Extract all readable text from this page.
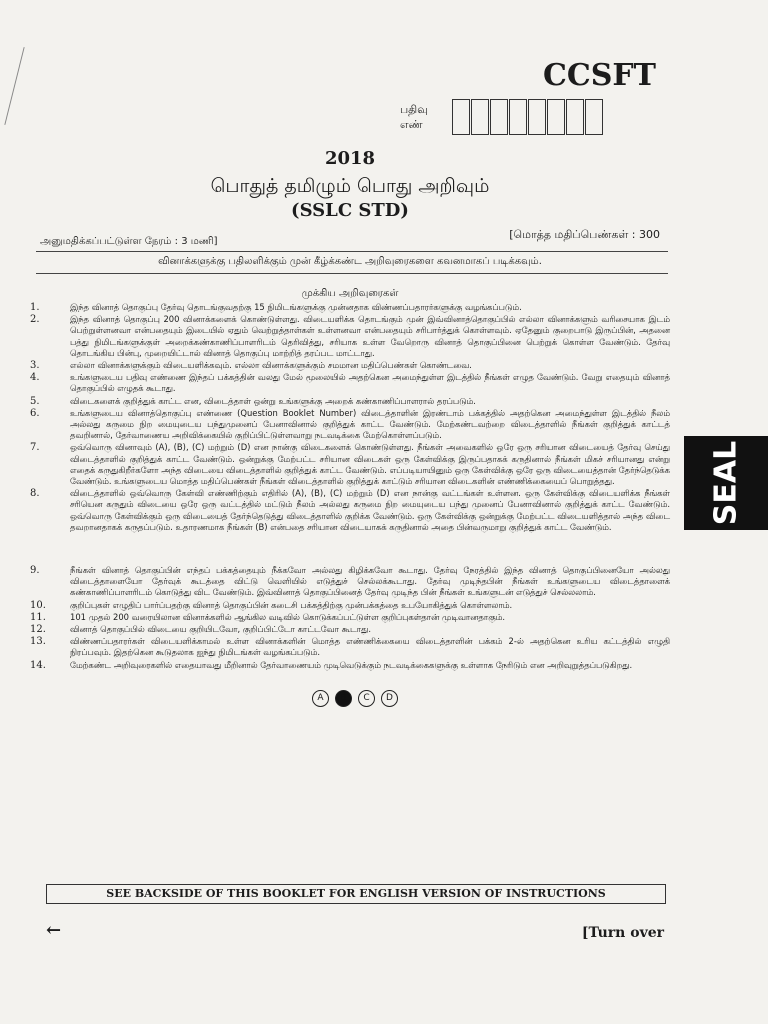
CCSFT
பதிவு எண்
2018
பொதுத் தமிழும் பொது அறிவும்
(SSLC STD)
அனுமதிக்கப்பட்டுள்ள நேரம் : 3 மணி]
[மொத்த மதிப்பெண்கள் : 300
வினாக்களுக்கு பதிலளிக்கும் முன் கீழ்க்கண்ட அறிவுரைகளை கவனமாகப் படிக்கவும்.
முக்கிய அறிவுரைகள்
1.	இந்த வினாத் தொகுப்பு தேர்வு தொடங்குவதற்கு 15 நிமிடங்களுக்கு முன்னதாக விண்ணப்பதாரர்களுக்கு வழங்கப்படும்.
2.	இந்த வினாத் தொகுப்பு 200 வினாக்களைக் கொண்டுள்ளது. விடையளிக்க தொடங்கும் முன் இவ்வினாத்தொகுப்பில் எல்லா வினாக்களும் வரிசையாக இடம் பெற்றுள்ளனவா என்பதையும் இடையில் ஏதும் வெற்றுத்தாள்கள் உள்ளனவா என்பதையும் சரிபார்த்துக் கொள்ளவும். ஏதேனும் குறைபாடு இருப்பின், அதனை பத்து நிமிடங்களுக்குள் அறைக்கண்காணிப்பாளரிடம் தெரிவித்து, சரியாக உள்ள வேறொரு வினாத் தொகுப்பினை பெற்றுக் கொள்ள வேண்டும். தேர்வு தொடங்கிய பின்பு, முறையிட்டால் வினாத் தொகுப்பு மாற்றித் தரப்பட மாட்டாது.
3.	எல்லா வினாக்களுக்கும் விடையளிக்கவும். எல்லா வினாக்களுக்கும் சமமான மதிப்பெண்கள் கொண்டவை.
4.	உங்களுடைய பதிவு எண்ணை இந்தப் பக்கத்தின் வலது மேல் மூலையில் அதற்கென அமைந்துள்ள இடத்தில் நீங்கள் எழுத வேண்டும். வேறு எதையும் வினாத் தொகுப்பில் எழுதக் கூடாது.
5.	விடைகளைக் குறித்துக் காட்ட என, விடைத்தாள் ஒன்று உங்களுக்கு அறைக் கண்காணிப்பாளரால் தரப்படும்.
6.	உங்களுடைய வினாத்தொகுப்பு எண்ணை (Question Booklet Number) விடைத்தாளின் இரண்டாம் பக்கத்தில் அதற்கென அமைந்துள்ள இடத்தில் நீலம் அல்லது கருமை நிற மையுடைய பந்துமுனைப் பேனாவினால் குறித்துக் காட்ட வேண்டும். மேற்கண்டவற்றை விடைத்தாளில் நீங்கள் குறித்துக் காட்டத் தவறினால், தேர்வாணைய அறிவிக்கையில் குறிப்பிட்டுள்ளவாறு நடவடிக்கை மேற்கொள்ளப்படும்.
7.	ஒவ்வொரு வினாவும் (A), (B), (C) மற்றும் (D) என நான்கு விடைகளைக் கொண்டுள்ளது. நீங்கள் அவைகளில் ஒரே ஒரு சரியான விடையைத் தேர்வு செய்து விடைத்தாளில் குறித்துக் காட்ட வேண்டும். ஒன்றுக்கு மேற்பட்ட சரியான விடைகள் ஒரு கேள்விக்கு இருப்பதாகக் கருதினால் நீங்கள் மிகச் சரியானது என்று எதைக் கருதுகிறீர்களோ அந்த விடையை விடைத்தாளில் குறித்துக் காட்ட வேண்டும். எப்படியாயினும் ஒரு கேள்விக்கு ஒரே ஒரு விடையைத்தான் தேர்ந்தெடுக்க வேண்டும். உங்களுடைய மொத்த மதிப்பெண்கள் நீங்கள் விடைத்தாளில் குறித்துக் காட்டும் சரியான விடைகளின் எண்ணிக்கையைப் பொறுத்தது.
8.	விடைத்தாளில் ஒவ்வொரு கேள்வி எண்ணிற்கும் எதிரில் (A), (B), (C) மற்றும் (D) என நான்கு வட்டங்கள் உள்ளன. ஒரு கேள்விக்கு விடையளிக்க நீங்கள் சரியென கருதும் விடையை ஒரே ஒரு வட்டத்தில் மட்டும் நீலம் அல்லது கருமை நிற மையுடைய பந்து முனைப் பேனாவினால் குறித்துக் காட்ட வேண்டும். ஒவ்வொரு கேள்விக்கும் ஒரு விடையைத் தேர்ந்தெடுத்து விடைத்தாளில் குறிக்க வேண்டும். ஒரு கேள்விக்கு ஒன்றுக்கு மேற்பட்ட விடையளித்தால் அந்த விடை தவறானதாகக் கருதப்படும். உதாரணமாக நீங்கள் (B) என்பதை சரியான விடையாகக் கருதினால் அதை பின்வருமாறு குறித்துக் காட்ட வேண்டும்.
9.	நீங்கள் வினாத் தொகுப்பின் எந்தப் பக்கத்தையும் நீக்கவோ அல்லது கிழிக்கவோ கூடாது. தேர்வு நேரத்தில் இந்த வினாத் தொகுப்பினையோ அல்லது விடைத்தாளையோ தேர்வுக் கூடத்தை விட்டு வெளியில் எடுத்துச் செல்லக்கூடாது. தேர்வு முடிந்தபின் நீங்கள் உங்களுடைய விடைத்தாளைக் கண்காணிப்பாளரிடம் கொடுத்து விட வேண்டும். இவ்வினாத் தொகுப்பினைத் தேர்வு முடிந்த பின் நீங்கள் உங்களுடன் எடுத்துச் செல்லலாம்.
10.	குறிப்புகள் எழுதிப் பார்ப்பதற்கு வினாத் தொகுப்பின் கடைசி பக்கத்திற்கு முன்பக்கத்தை உபயோகித்துக் கொள்ளலாம்.
11.	101 முதல் 200 வரையிலான வினாக்களில் ஆங்கில வடிவில் கொடுக்கப்பட்டுள்ள குறிப்புகள்தான் முடிவானதாகும்.
12.	வினாத் தொகுப்பில் விடையை குறியிடவோ, குறிப்பிட்டோ காட்டவோ கூடாது.
13.	விண்ணப்பதாரர்கள் விடையளிக்காமல் உள்ள வினாக்களின் மொத்த எண்ணிக்கையை விடைத்தாளின் பக்கம் 2-ல் அதற்கென உரிய கட்டத்தில் எழுதி நிரப்பவும். இதற்கென கூடுதலாக ஐந்து நிமிடங்கள் வழங்கப்படும்.
14.	மேற்கண்ட அறிவுரைகளில் எதையாவது மீறினால் தேர்வாணையம் முடிவெடுக்கும் நடவடிக்கைகளுக்கு உள்ளாக நேரிடும் என அறிவுறுத்தப்படுகிறது.
A	B	C	D
SEE BACKSIDE OF THIS BOOKLET FOR ENGLISH VERSION OF INSTRUCTIONS
←	[Turn over
SEAL
